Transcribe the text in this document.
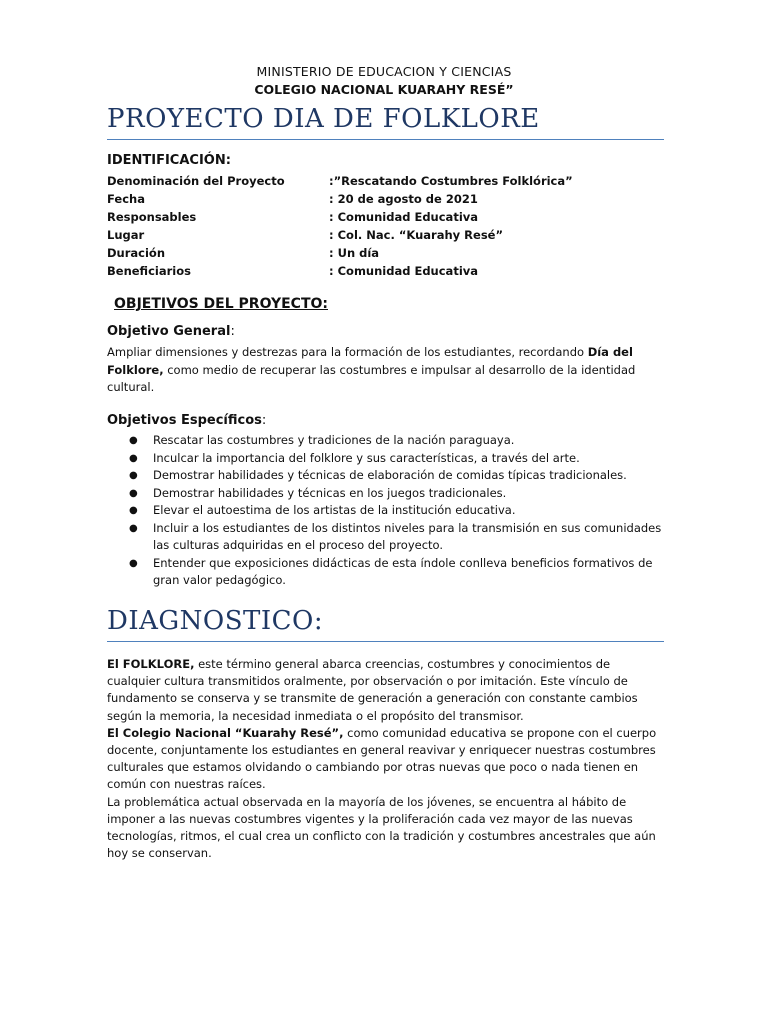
MINISTERIO DE EDUCACION Y CIENCIAS
COLEGIO NACIONAL KUARAHY RESÉ”
PROYECTO DIA DE FOLKLORE
IDENTIFICACIÓN:
Denominación del Proyecto	:”Rescatando Costumbres Folklórica”
Fecha	: 20 de agosto de 2021
Responsables	: Comunidad Educativa
Lugar	: Col. Nac. “Kuarahy Resé”
Duración	: Un día
Beneficiarios	: Comunidad Educativa
OBJETIVOS DEL PROYECTO:
Objetivo General:

Ampliar dimensiones y destrezas para la formación de los estudiantes, recordando Día del Folklore, como medio de recuperar las costumbres e impulsar al desarrollo de la identidad cultural.

Objetivos Específicos:
● Rescatar las costumbres y tradiciones de la nación paraguaya.
● Inculcar la importancia del folklore y sus características, a través del arte.
● Demostrar habilidades y técnicas de elaboración de comidas típicas tradicionales.
● Demostrar habilidades y técnicas en los juegos tradicionales.
● Elevar el autoestima de los artistas de la institución educativa.
● Incluir a los estudiantes de los distintos niveles para la transmisión en sus comunidades las culturas adquiridas en el proceso del proyecto.
● Entender que exposiciones didácticas de esta índole conlleva beneficios formativos de gran valor pedagógico.
DIAGNOSTICO:

El FOLKLORE, este término general abarca creencias, costumbres y conocimientos de cualquier cultura transmitidos oralmente, por observación o por imitación. Este vínculo de fundamento se conserva y se transmite de generación a generación con constante cambios según la memoria, la necesidad inmediata o el propósito del transmisor.
El Colegio Nacional “Kuarahy Resé”, como comunidad educativa se propone con el cuerpo docente, conjuntamente los estudiantes en general reavivar y enriquecer nuestras costumbres culturales que estamos olvidando o cambiando por otras nuevas que poco o nada tienen en común con nuestras raíces.
La problemática actual observada en la mayoría de los jóvenes, se encuentra al hábito de imponer a las nuevas costumbres vigentes y la proliferación cada vez mayor de las nuevas tecnologías, ritmos, el cual crea un conflicto con la tradición y costumbres ancestrales que aún hoy se conservan.
